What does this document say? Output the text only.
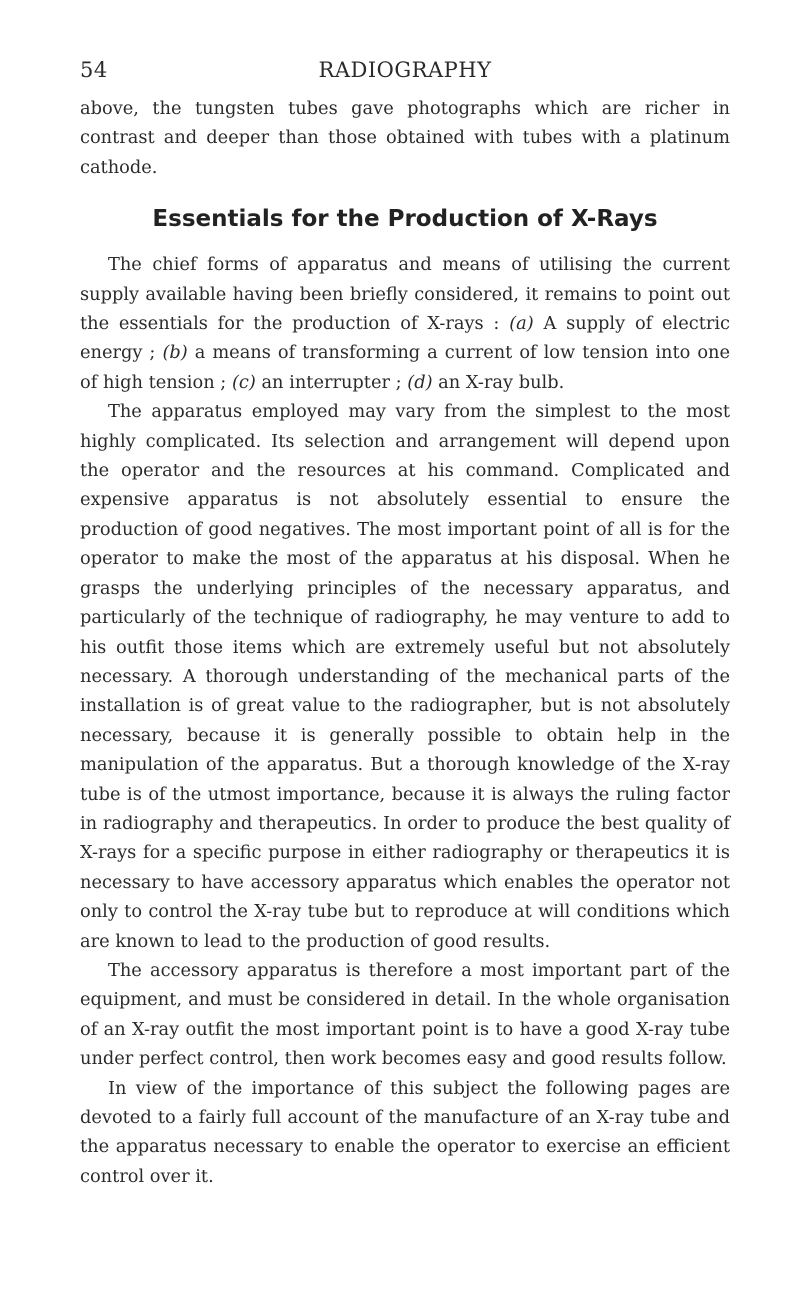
54	RADIOGRAPHY

above, the tungsten tubes gave photographs which are richer in contrast and deeper than those obtained with tubes with a platinum cathode.

Essentials for the Production of X-Rays

The chief forms of apparatus and means of utilising the current supply available having been briefly considered, it remains to point out the essentials for the production of X-rays : (a) A supply of electric energy ; (b) a means of transforming a current of low tension into one of high tension ; (c) an interrupter ; (d) an X-ray bulb.

The apparatus employed may vary from the simplest to the most highly complicated. Its selection and arrangement will depend upon the operator and the resources at his command. Complicated and expensive apparatus is not absolutely essential to ensure the production of good negatives. The most important point of all is for the operator to make the most of the apparatus at his disposal. When he grasps the underlying principles of the necessary apparatus, and particularly of the technique of radiography, he may venture to add to his outfit those items which are extremely useful but not absolutely necessary. A thorough understanding of the mechanical parts of the installation is of great value to the radiographer, but is not absolutely necessary, because it is generally possible to obtain help in the manipulation of the apparatus. But a thorough knowledge of the X-ray tube is of the utmost importance, because it is always the ruling factor in radiography and therapeutics. In order to produce the best quality of X-rays for a specific purpose in either radiography or therapeutics it is necessary to have accessory apparatus which enables the operator not only to control the X-ray tube but to reproduce at will conditions which are known to lead to the production of good results.

The accessory apparatus is therefore a most important part of the equipment, and must be considered in detail. In the whole organisation of an X-ray outfit the most important point is to have a good X-ray tube under perfect control, then work becomes easy and good results follow.

In view of the importance of this subject the following pages are devoted to a fairly full account of the manufacture of an X-ray tube and the apparatus necessary to enable the operator to exercise an efficient control over it.
